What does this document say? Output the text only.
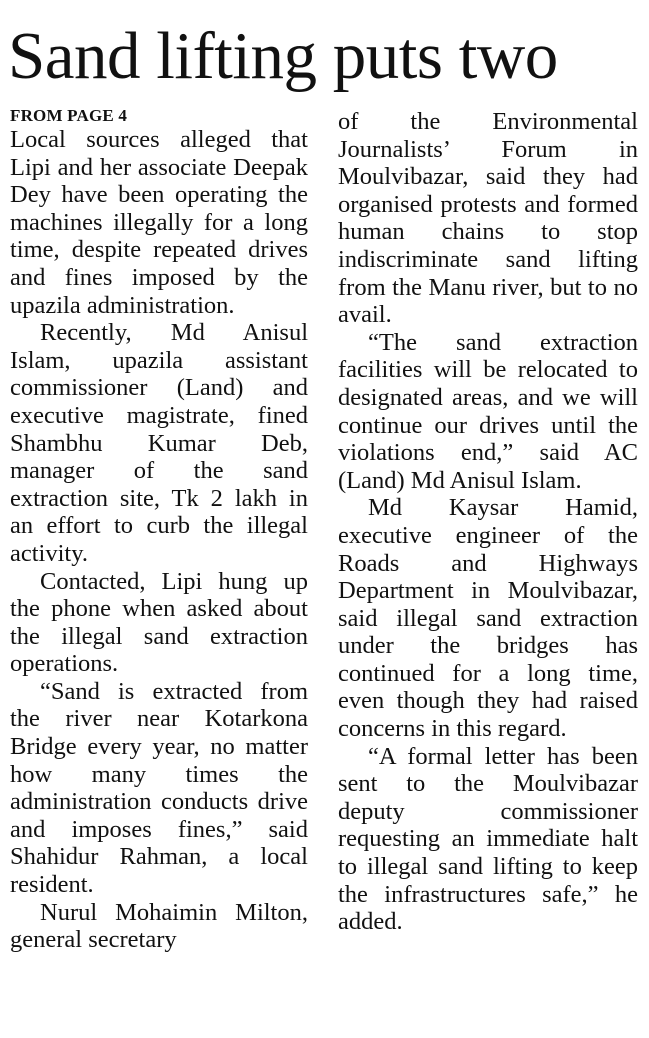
Sand lifting puts two
FROM PAGE 4

Local sources alleged that Lipi and her associate Deepak Dey have been operating the machines illegally for a long time, despite repeated drives and fines imposed by the upazila administration.

Recently, Md Anisul Islam, upazila assistant commissioner (Land) and executive magistrate, fined Shambhu Kumar Deb, manager of the sand extraction site, Tk 2 lakh in an effort to curb the illegal activity.

Contacted, Lipi hung up the phone when asked about the illegal sand extraction operations.

“Sand is extracted from the river near Kotarkona Bridge every year, no matter how many times the administration conducts drive and imposes fines,” said Shahidur Rahman, a local resident.

Nurul Mohaimin Milton, general secretary

of the Environmental Journalists’ Forum in Moulvibazar, said they had organised protests and formed human chains to stop indiscriminate sand lifting from the Manu river, but to no avail.

“The sand extraction facilities will be relocated to designated areas, and we will continue our drives until the violations end,” said AC (Land) Md Anisul Islam.

Md Kaysar Hamid, executive engineer of the Roads and Highways Department in Moulvibazar, said illegal sand extraction under the bridges has continued for a long time, even though they had raised concerns in this regard.

“A formal letter has been sent to the Moulvibazar deputy commissioner requesting an immediate halt to illegal sand lifting to keep the infrastructures safe,” he added.
